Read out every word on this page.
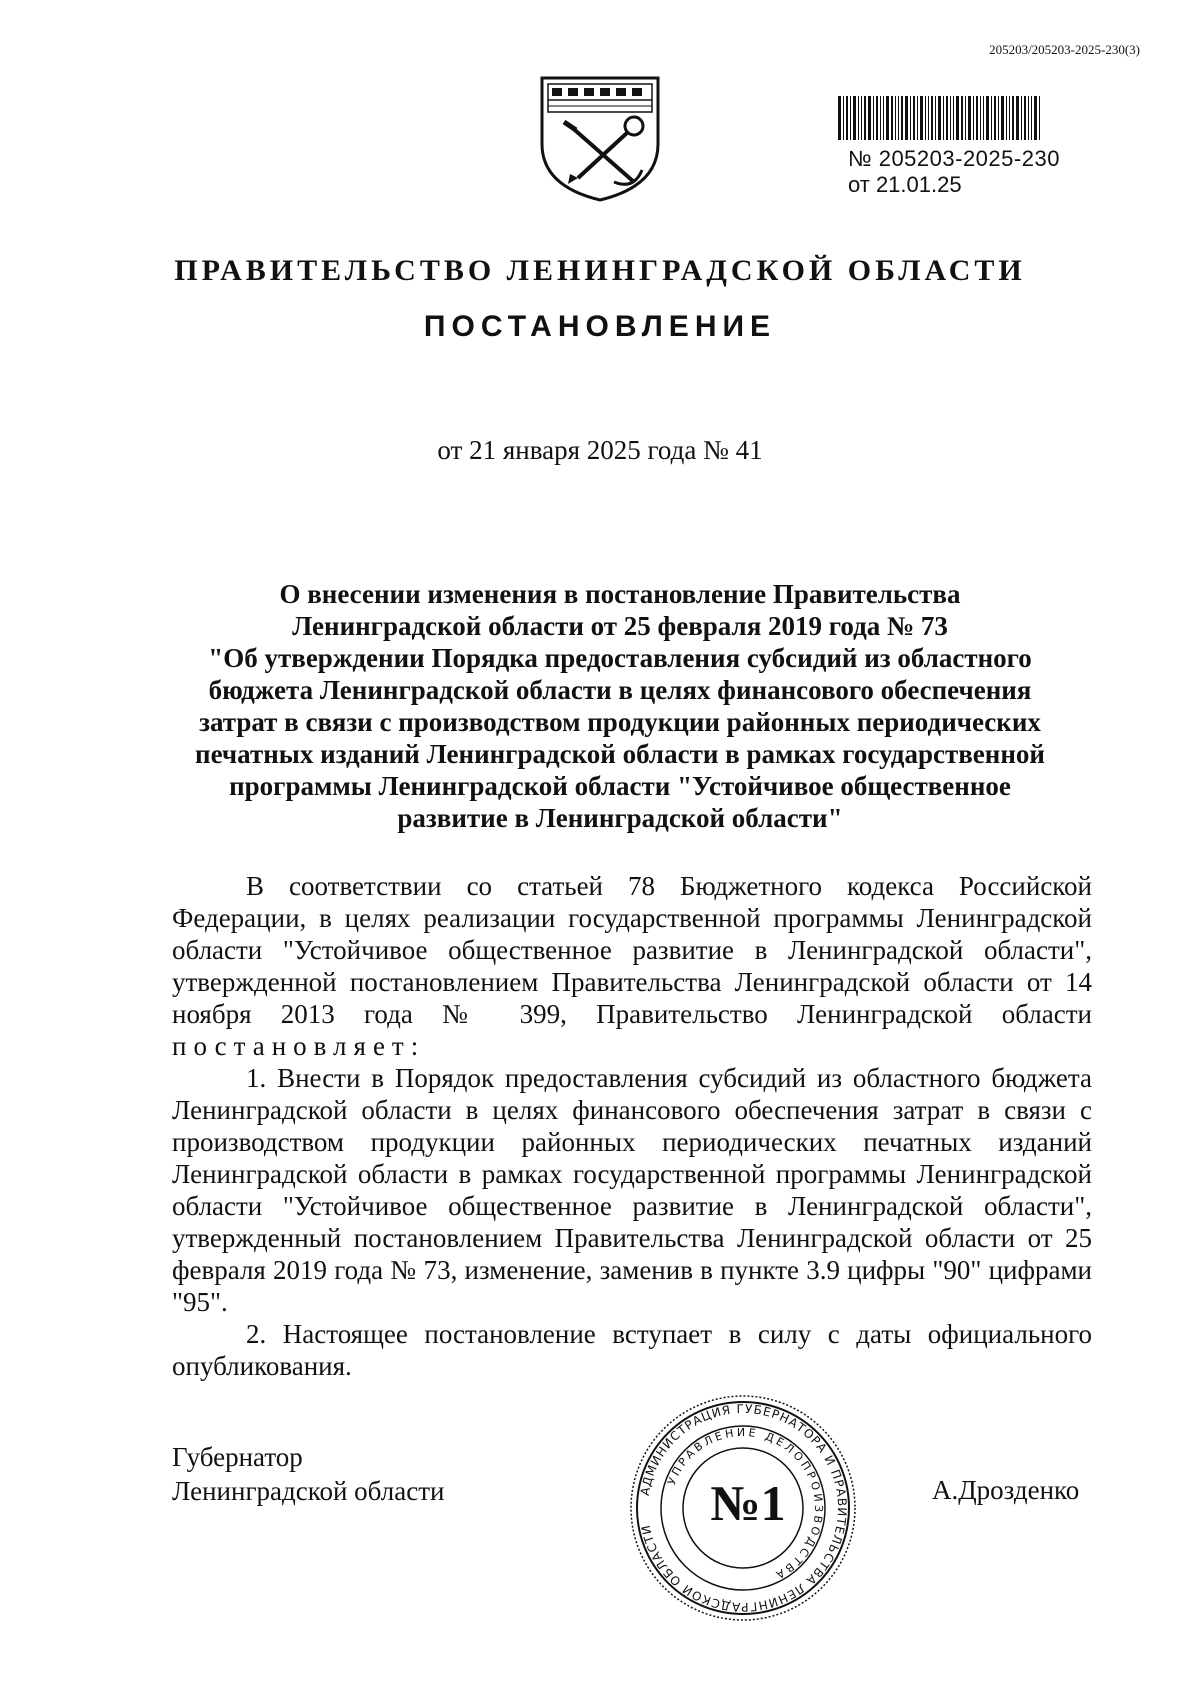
205203/205203-2025-230(3)
№ 205203-2025-230
от 21.01.25
ПРАВИТЕЛЬСТВО ЛЕНИНГРАДСКОЙ ОБЛАСТИ
ПОСТАНОВЛЕНИЕ
от 21 января 2025 года № 41
О внесении изменения в постановление Правительства
Ленинградской области от 25 февраля 2019 года № 73
"Об утверждении Порядка предоставления субсидий из областного
бюджета Ленинградской области в целях финансового обеспечения
затрат в связи с производством продукции районных периодических
печатных изданий Ленинградской области в рамках государственной
программы Ленинградской области "Устойчивое общественное
развитие в Ленинградской области"

В соответствии со статьей 78 Бюджетного кодекса Российской Федерации, в целях реализации государственной программы Ленинградской области "Устойчивое общественное развитие в Ленинградской области", утвержденной постановлением Правительства Ленинградской области от 14 ноября 2013 года № 399, Правительство Ленинградской области постановляет:

1. Внести в Порядок предоставления субсидий из областного бюджета Ленинградской области в целях финансового обеспечения затрат в связи с производством продукции районных периодических печатных изданий Ленинградской области в рамках государственной программы Ленинградской области "Устойчивое общественное развитие в Ленинградской области", утвержденный постановлением Правительства Ленинградской области от 25 февраля 2019 года № 73, изменение, заменив в пункте 3.9 цифры "90" цифрами "95".

2. Настоящее постановление вступает в силу с даты официального опубликования.

Губернатор
Ленинградской области	А.Дрозденко
АДМИНИСТРАЦИЯ ГУБЕРНАТОРА И ПРАВИТЕЛЬСТВА ЛЕНИНГРАДСКОЙ ОБЛАСТИ
УПРАВЛЕНИЕ ДЕЛОПРОИЗВОДСТВА
№1
